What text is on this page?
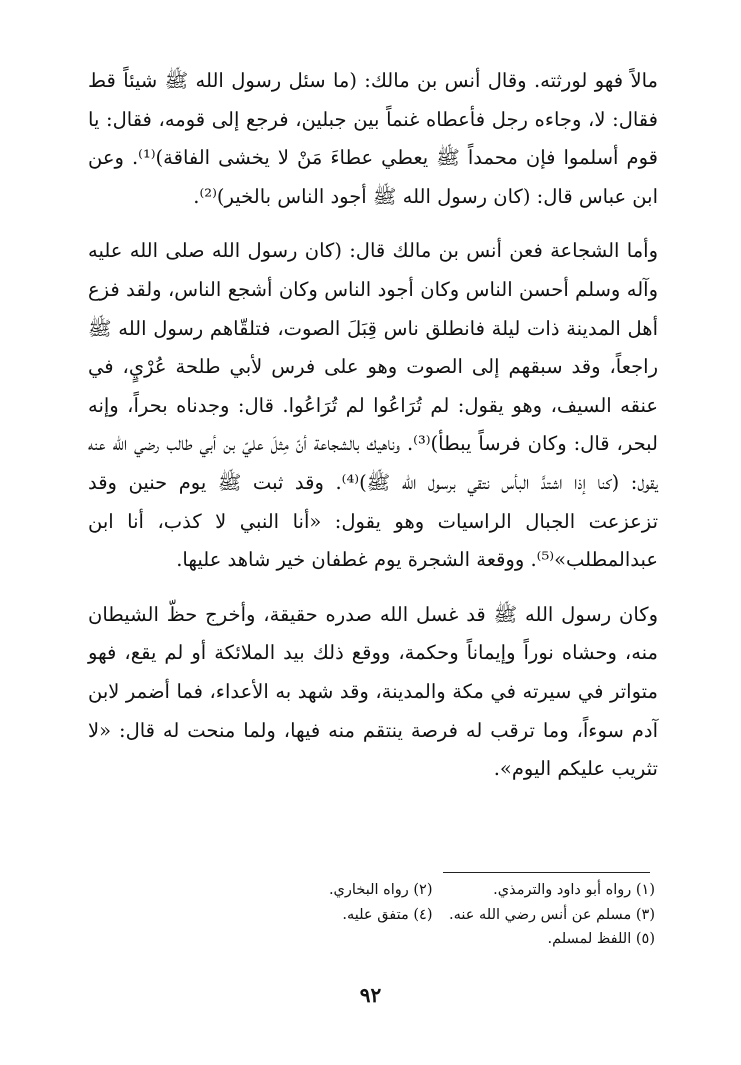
مالاً فهو لورثته. وقال أنس بن مالك: (ما سئل رسول الله ﷺ شيئاً قط فقال: لا، وجاءه رجل فأعطاه غنماً بين جبلين، فرجع إلى قومه، فقال: يا قوم أسلموا فإن محمداً ﷺ يعطي عطاءَ مَنْ لا يخشى الفاقة)⁽¹⁾. وعن ابن عباس قال: (كان رسول الله ﷺ أجود الناس بالخير)⁽²⁾.

وأما الشجاعة فعن أنس بن مالك قال: (كان رسول الله صلى الله عليه وآله وسلم أحسن الناس وكان أجود الناس وكان أشجع الناس، ولقد فزع أهل المدينة ذات ليلة فانطلق ناس قِبَلَ الصوت، فتلقّاهم رسول الله ﷺ راجعاً، وقد سبقهم إلى الصوت وهو على فرس لأبي طلحة عُرْيٍ، في عنقه السيف، وهو يقول: لم تُرَاعُوا لم تُرَاعُوا. قال: وجدناه بحراً، وإنه لبحر، قال: وكان فرساً يبطأ)⁽³⁾. وناهيك بالشجاعة أنّ مِثلَ عليّ بن أبي طالب رضي الله عنه يقول: (كنا إذا اشتدَّ البأس نتقي برسول الله ﷺ)⁽⁴⁾. وقد ثبت ﷺ يوم حنين وقد تزعزعت الجبال الراسيات وهو يقول: «أنا النبي لا كذب، أنا ابن عبدالمطلب»⁽⁵⁾. ووقعة الشجرة يوم غطفان خير شاهد عليها.

وكان رسول الله ﷺ قد غسل الله صدره حقيقة، وأخرج حظّ الشيطان منه، وحشاه نوراً وإيماناً وحكمة، ووقع ذلك بيد الملائكة أو لم يقع، فهو متواتر في سيرته في مكة والمدينة، وقد شهد به الأعداء، فما أضمر لابن آدم سوءاً، وما ترقب له فرصة ينتقم منه فيها، ولما منحت له قال: «لا تثريب عليكم اليوم».

(١) رواه أبو داود والترمذي.
(٢) رواه البخاري.
(٣) مسلم عن أنس رضي الله عنه.
(٤) متفق عليه.
(٥) اللفظ لمسلم.
٩٢
